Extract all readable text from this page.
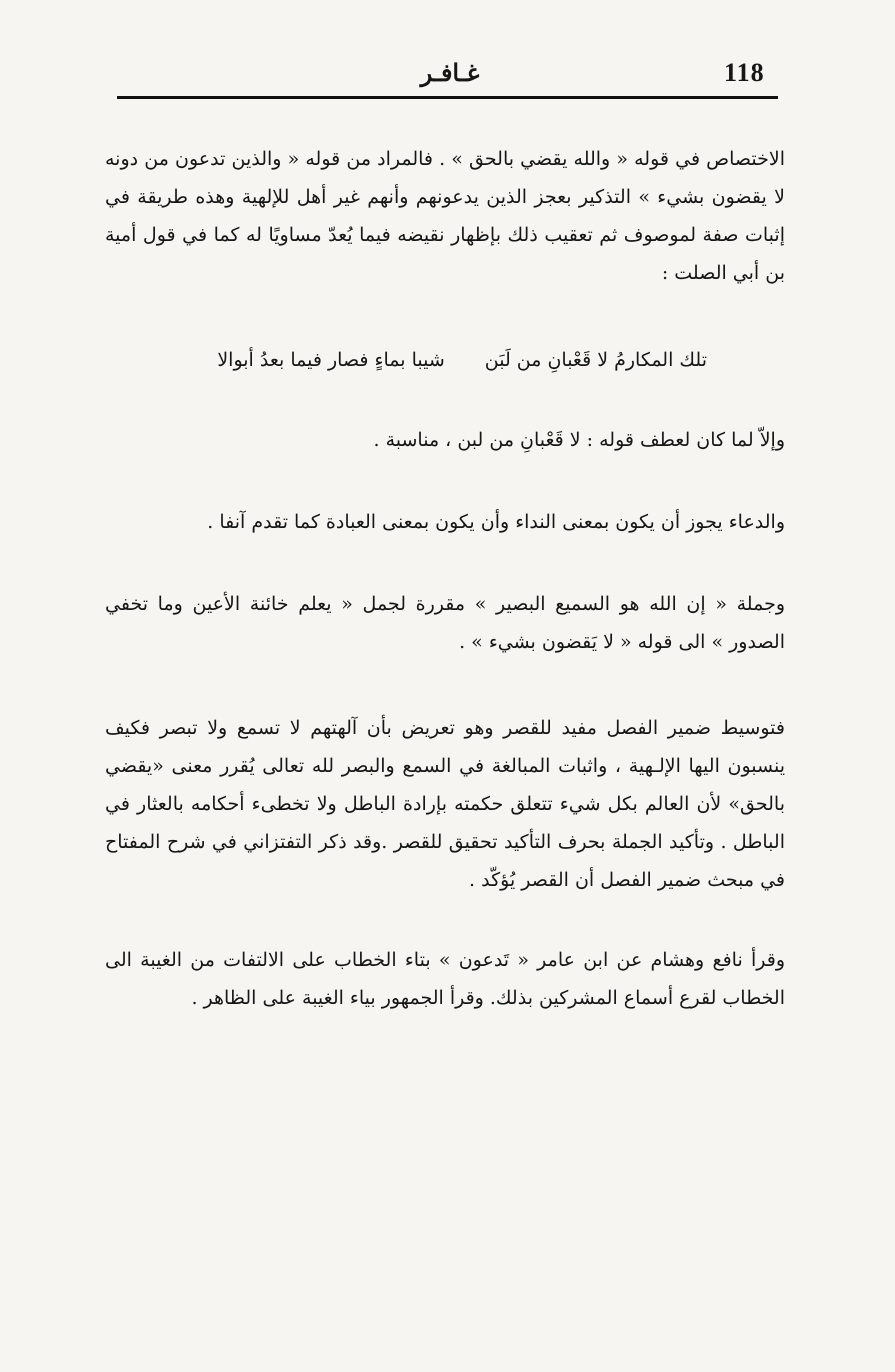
118
غـافـر

الاختصاص في قوله « والله يقضي بالحق » . فالمراد من قوله « والذين تدعون من دونه لا يقضون بشيء » التذكير بعجز الذين يدعونهم وأنهم غير أهل للإلهية وهذه طريقة في إثبات صفة لموصوف ثم تعقيب ذلك بإظهار نقيضه فيما يُعدّ مساويًا له كما في قول أمية بن أبي الصلت :

تلك المكارمُ لا قَعْبانِ من لَبَن
شيبا بماءٍ فصار فيما بعدُ أبوالا

وإلاّ لما كان لعطف قوله : لا قَعْبانِ من لبن ، مناسبة .

والدعاء يجوز أن يكون بمعنى النداء وأن يكون بمعنى العبادة كما تقدم آنفا .

وجملة « إن الله هو السميع البصير » مقررة لجمل « يعلم خائنة الأعين وما تخفي الصدور » الى قوله « لا يَقضون بشيء » .

فتوسيط ضمير الفصل مفيد للقصر وهو تعريض بأن آلهتهم لا تسمع ولا تبصر فكيف ينسبون اليها الإلـهية ، واثبات المبالغة في السمع والبصر لله تعالى يُقرر معنى «يقضي بالحق» لأن العالم بكل شيء تتعلق حكمته بإرادة الباطل ولا تخطىء أحكامه بالعثار في الباطل . وتأكيد الجملة بحرف التأكيد تحقيق للقصر .وقد ذكر التفتزاني في شرح المفتاح في مبحث ضمير الفصل أن القصر يُؤكّد .

وقرأ نافع وهشام عن ابن عامر « تَدعون » بتاء الخطاب على الالتفات من الغيبة الى الخطاب لقرع أسماع المشركين بذلك. وقرأ الجمهور بياء الغيبة على الظاهر .
